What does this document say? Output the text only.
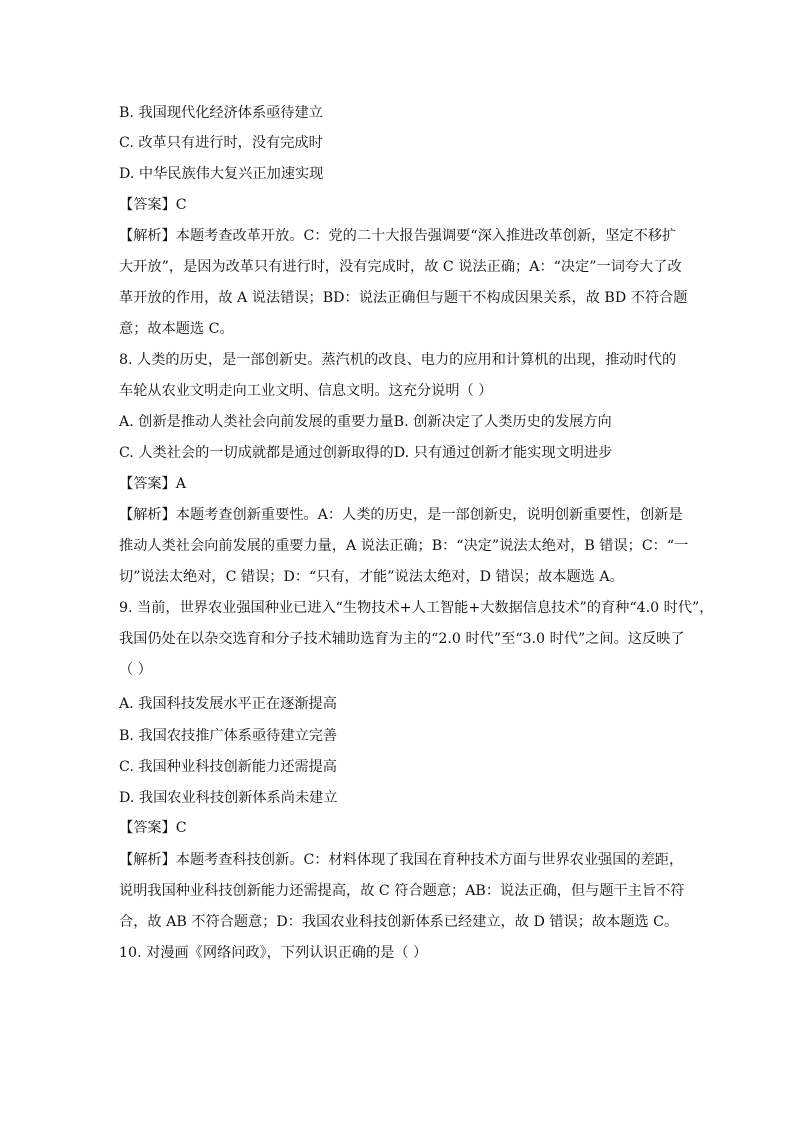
B. 我国现代化经济体系亟待建立
C. 改革只有进行时，没有完成时
D. 中华民族伟大复兴正加速实现
【答案】C
【解析】本题考查改革开放。C：党的二十大报告强调要“深入推进改革创新，坚定不移扩
大开放”，是因为改革只有进行时，没有完成时，故 C 说法正确；A：“决定”一词夸大了改
革开放的作用，故 A 说法错误；BD：说法正确但与题干不构成因果关系，故 BD 不符合题
意；故本题选 C。
8. 人类的历史，是一部创新史。蒸汽机的改良、电力的应用和计算机的出现，推动时代的
车轮从农业文明走向工业文明、信息文明。这充分说明（ ）
A. 创新是推动人类社会向前发展的重要力量B. 创新决定了人类历史的发展方向
C. 人类社会的一切成就都是通过创新取得的D. 只有通过创新才能实现文明进步
【答案】A
【解析】本题考查创新重要性。A：人类的历史，是一部创新史，说明创新重要性，创新是
推动人类社会向前发展的重要力量，A 说法正确；B：“决定”说法太绝对，B 错误；C：“一
切”说法太绝对，C 错误；D：“只有，才能”说法太绝对，D 错误；故本题选 A。
9. 当前，世界农业强国种业已进入“生物技术+人工智能+大数据信息技术”的育种“4.0 时代”，
我国仍处在以杂交选育和分子技术辅助选育为主的“2.0 时代”至“3.0 时代”之间。这反映了
（ ）
A. 我国科技发展水平正在逐渐提高
B. 我国农技推广体系亟待建立完善
C. 我国种业科技创新能力还需提高
D. 我国农业科技创新体系尚未建立
【答案】C
【解析】本题考查科技创新。C：材料体现了我国在育种技术方面与世界农业强国的差距，
说明我国种业科技创新能力还需提高，故 C 符合题意；AB：说法正确，但与题干主旨不符
合，故 AB 不符合题意；D：我国农业科技创新体系已经建立，故 D 错误；故本题选 C。
10. 对漫画《网络问政》，下列认识正确的是（ ）
